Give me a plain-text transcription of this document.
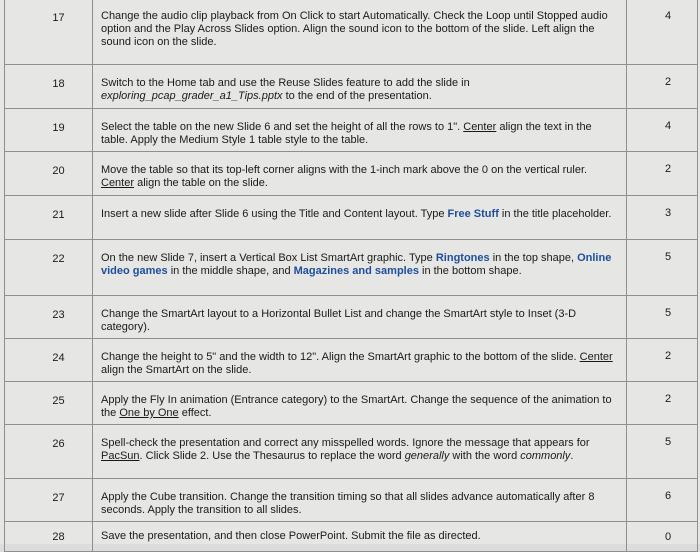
17	Change the audio clip playback from On Click to start Automatically. Check the Loop until Stopped audio option and the Play Across Slides option. Align the sound icon to the bottom of the slide. Left align the sound icon on the slide.	4

18	Switch to the Home tab and use the Reuse Slides feature to add the slide in exploring_pcap_grader_a1_Tips.pptx to the end of the presentation.	2

19	Select the table on the new Slide 6 and set the height of all the rows to 1". Center align the text in the table. Apply the Medium Style 1 table style to the table.	4

20	Move the table so that its top-left corner aligns with the 1-inch mark above the 0 on the vertical ruler. Center align the table on the slide.	2

21	Insert a new slide after Slide 6 using the Title and Content layout. Type Free Stuff in the title placeholder.	3

22	On the new Slide 7, insert a Vertical Box List SmartArt graphic. Type Ringtones in the top shape, Online video games in the middle shape, and Magazines and samples in the bottom shape.	5

23	Change the SmartArt layout to a Horizontal Bullet List and change the SmartArt style to Inset (3-D category).	5

24	Change the height to 5" and the width to 12". Align the SmartArt graphic to the bottom of the slide. Center align the SmartArt on the slide.	2

25	Apply the Fly In animation (Entrance category) to the SmartArt. Change the sequence of the animation to the One by One effect.	2

26	Spell-check the presentation and correct any misspelled words. Ignore the message that appears for PacSun. Click Slide 2. Use the Thesaurus to replace the word generally with the word commonly.	5

27	Apply the Cube transition. Change the transition timing so that all slides advance automatically after 8 seconds. Apply the transition to all slides.	6

28	Save the presentation, and then close PowerPoint. Submit the file as directed.	0
